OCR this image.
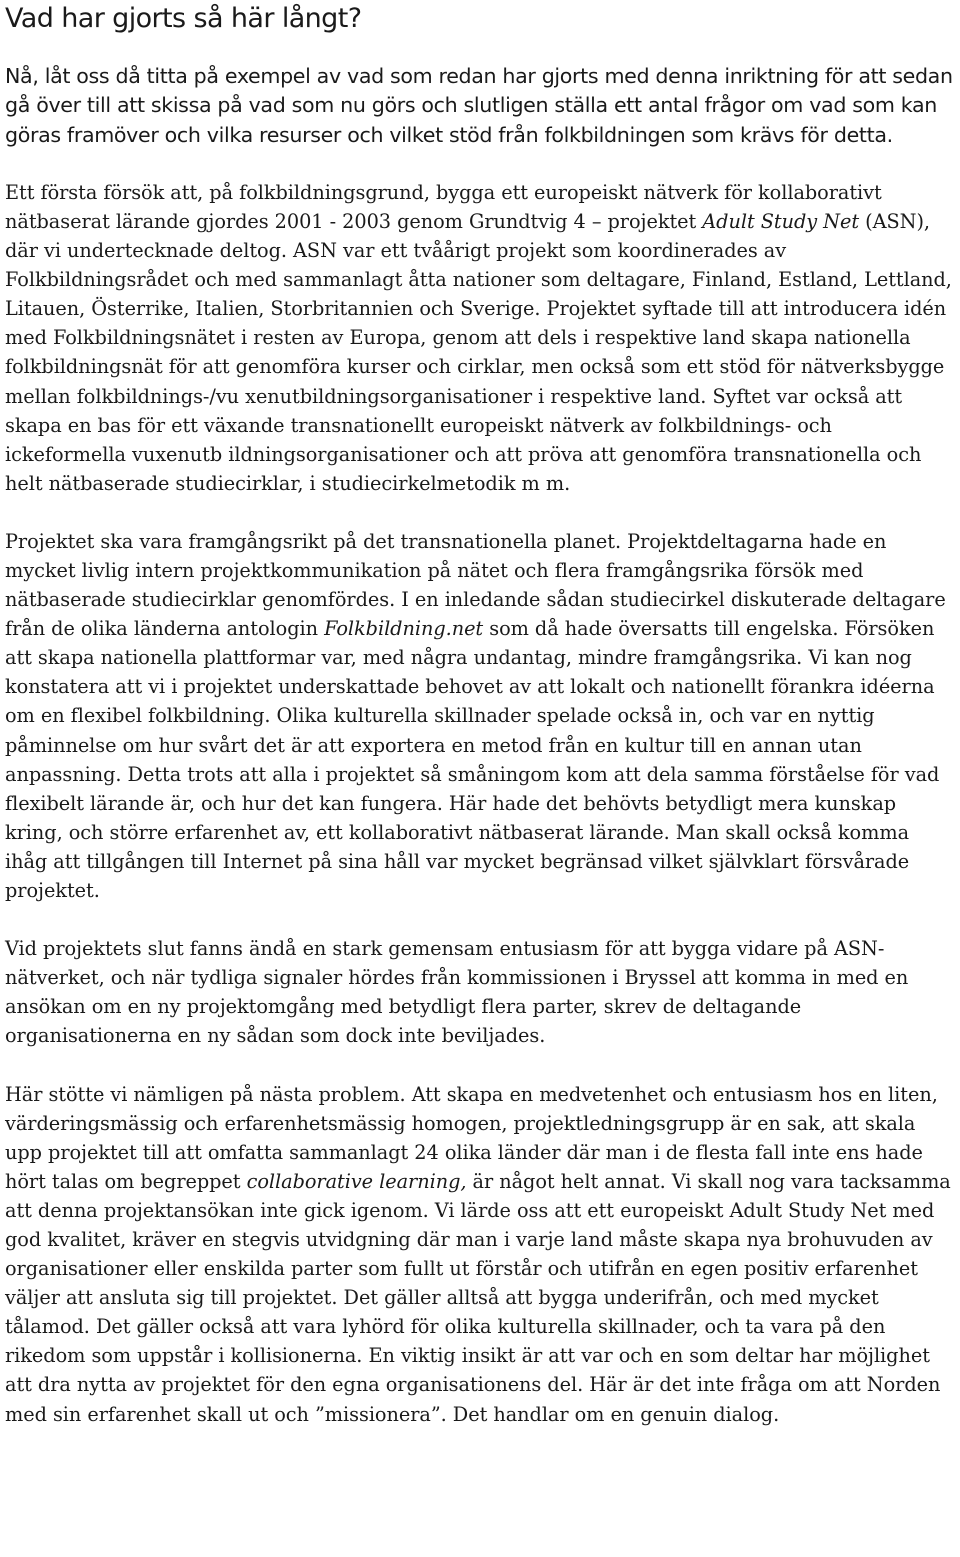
Vad har gjorts så här långt?

Nå, låt oss då titta på exempel av vad som redan har gjorts med denna inriktning för att sedan gå över till att skissa på vad som nu görs och slutligen ställa ett antal frågor om vad som kan göras framöver och vilka resurser och vilket stöd från folkbildningen som krävs för detta.

Ett första försök att, på folkbildningsgrund, bygga ett europeiskt nätverk för kollaborativt nätbaserat lärande gjordes 2001 - 2003 genom Grundtvig 4 – projektet Adult Study Net (ASN), där vi undertecknade deltog. ASN var ett tvåårigt projekt som koordinerades av Folkbildningsrådet och med sammanlagt åtta nationer som deltagare, Finland, Estland, Lettland, Litauen, Österrike, Italien, Storbritannien och Sverige. Projektet syftade till att introducera idén med Folkbildningsnätet i resten av Europa, genom att dels i respektive land skapa nationella folkbildningsnät för att genomföra kurser och cirklar, men också som ett stöd för nätverksbygge mellan folkbildnings-/vu xenutbildningsorganisationer i respektive land. Syftet var också att skapa en bas för ett växande transnationellt europeiskt nätverk av folkbildnings- och ickeformella vuxenutb ildningsorganisationer och att pröva att genomföra transnationella och helt nätbaserade studiecirklar, i studiecirkelmetodik m m.

Projektet ska vara framgångsrikt på det transnationella planet. Projektdeltagarna hade en mycket livlig intern projektkommunikation på nätet och flera framgångsrika försök med nätbaserade studiecirklar genomfördes. I en inledande sådan studiecirkel diskuterade deltagare från de olika länderna antologin Folkbildning.net som då hade översatts till engelska. Försöken att skapa nationella plattformar var, med några undantag, mindre framgångsrika. Vi kan nog konstatera att vi i projektet underskattade behovet av att lokalt och nationellt förankra idéerna om en flexibel folkbildning. Olika kulturella skillnader spelade också in, och var en nyttig påminnelse om hur svårt det är att exportera en metod från en kultur till en annan utan anpassning. Detta trots att alla i projektet så småningom kom att dela samma förståelse för vad flexibelt lärande är, och hur det kan fungera. Här hade det behövts betydligt mera kunskap kring, och större erfarenhet av, ett kollaborativt nätbaserat lärande. Man skall också komma ihåg att tillgången till Internet på sina håll var mycket begränsad vilket självklart försvårade projektet.

Vid projektets slut fanns ändå en stark gemensam entusiasm för att bygga vidare på ASN-nätverket, och när tydliga signaler hördes från kommissionen i Bryssel att komma in med en ansökan om en ny projektomgång med betydligt flera parter, skrev de deltagande organisationerna en ny sådan som dock inte beviljades.

Här stötte vi nämligen på nästa problem. Att skapa en medvetenhet och entusiasm hos en liten, värderingsmässig och erfarenhetsmässig homogen, projektledningsgrupp är en sak, att skala upp projektet till att omfatta sammanlagt 24 olika länder där man i de flesta fall inte ens hade hört talas om begreppet collaborative learning, är något helt annat. Vi skall nog vara tacksamma att denna projektansökan inte gick igenom. Vi lärde oss att ett europeiskt Adult Study Net med god kvalitet, kräver en stegvis utvidgning där man i varje land måste skapa nya brohuvuden av organisationer eller enskilda parter som fullt ut förstår och utifrån en egen positiv erfarenhet väljer att ansluta sig till projektet. Det gäller alltså att bygga underifrån, och med mycket tålamod. Det gäller också att vara lyhörd för olika kulturella skillnader, och ta vara på den rikedom som uppstår i kollisionerna. En viktig insikt är att var och en som deltar har möjlighet att dra nytta av projektet för den egna organisationens del. Här är det inte fråga om att Norden med sin erfarenhet skall ut och ”missionera”. Det handlar om en genuin dialog.
